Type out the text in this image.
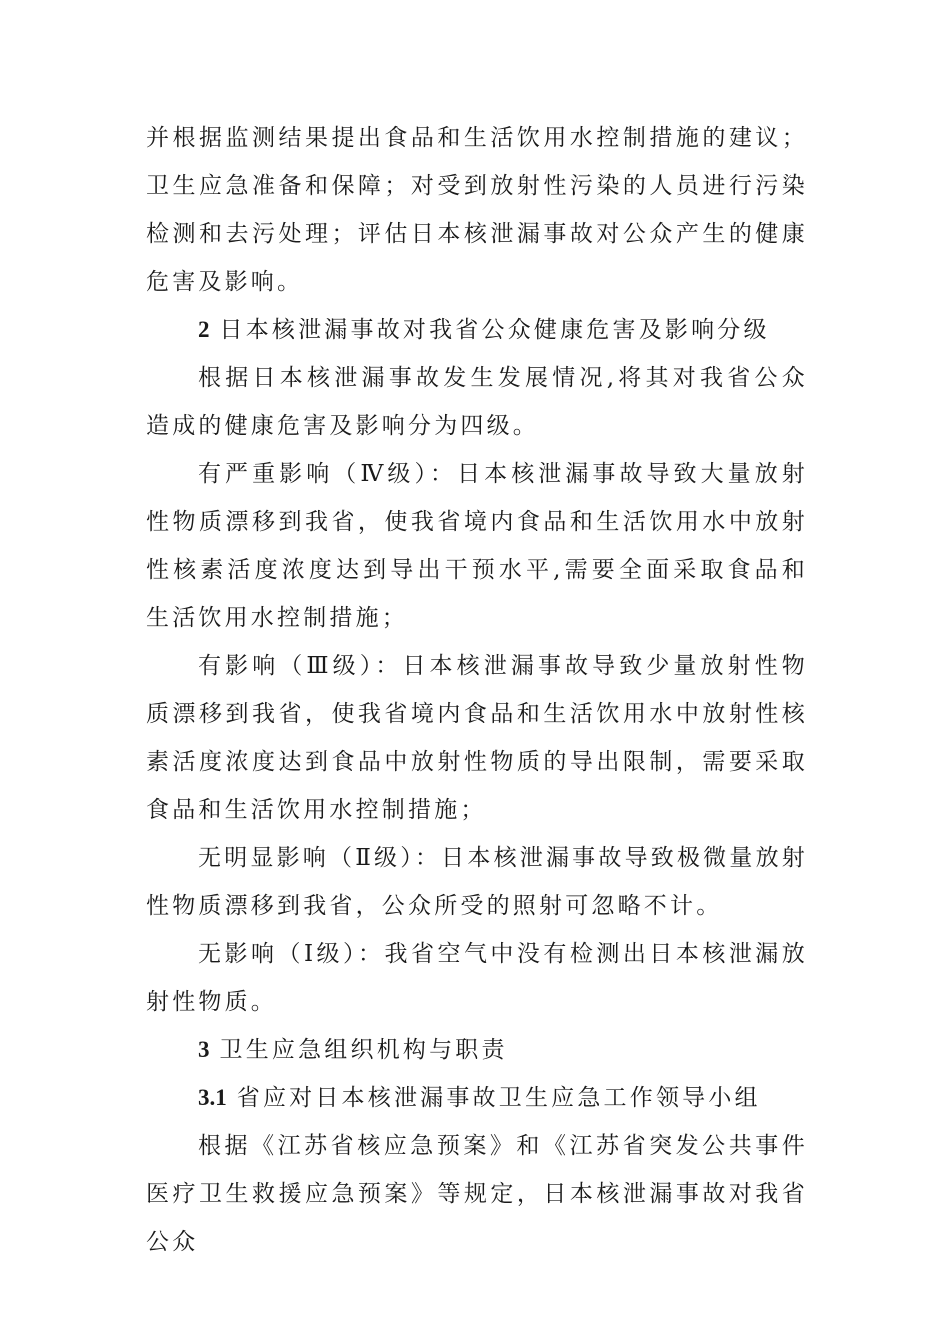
并根据监测结果提出食品和生活饮用水控制措施的建议；卫生应急准备和保障；对受到放射性污染的人员进行污染检测和去污处理；评估日本核泄漏事故对公众产生的健康危害及影响。

2 日本核泄漏事故对我省公众健康危害及影响分级

根据日本核泄漏事故发生发展情况,将其对我省公众造成的健康危害及影响分为四级。

有严重影响（Ⅳ级）：日本核泄漏事故导致大量放射性物质漂移到我省，使我省境内食品和生活饮用水中放射性核素活度浓度达到导出干预水平,需要全面采取食品和生活饮用水控制措施；

有影响（Ⅲ级）：日本核泄漏事故导致少量放射性物质漂移到我省，使我省境内食品和生活饮用水中放射性核素活度浓度达到食品中放射性物质的导出限制，需要采取食品和生活饮用水控制措施；

无明显影响（Ⅱ级）：日本核泄漏事故导致极微量放射性物质漂移到我省，公众所受的照射可忽略不计。

无影响（Ⅰ级）：我省空气中没有检测出日本核泄漏放射性物质。

3 卫生应急组织机构与职责

3.1 省应对日本核泄漏事故卫生应急工作领导小组

根据《江苏省核应急预案》和《江苏省突发公共事件医疗卫生救援应急预案》等规定，日本核泄漏事故对我省公众
